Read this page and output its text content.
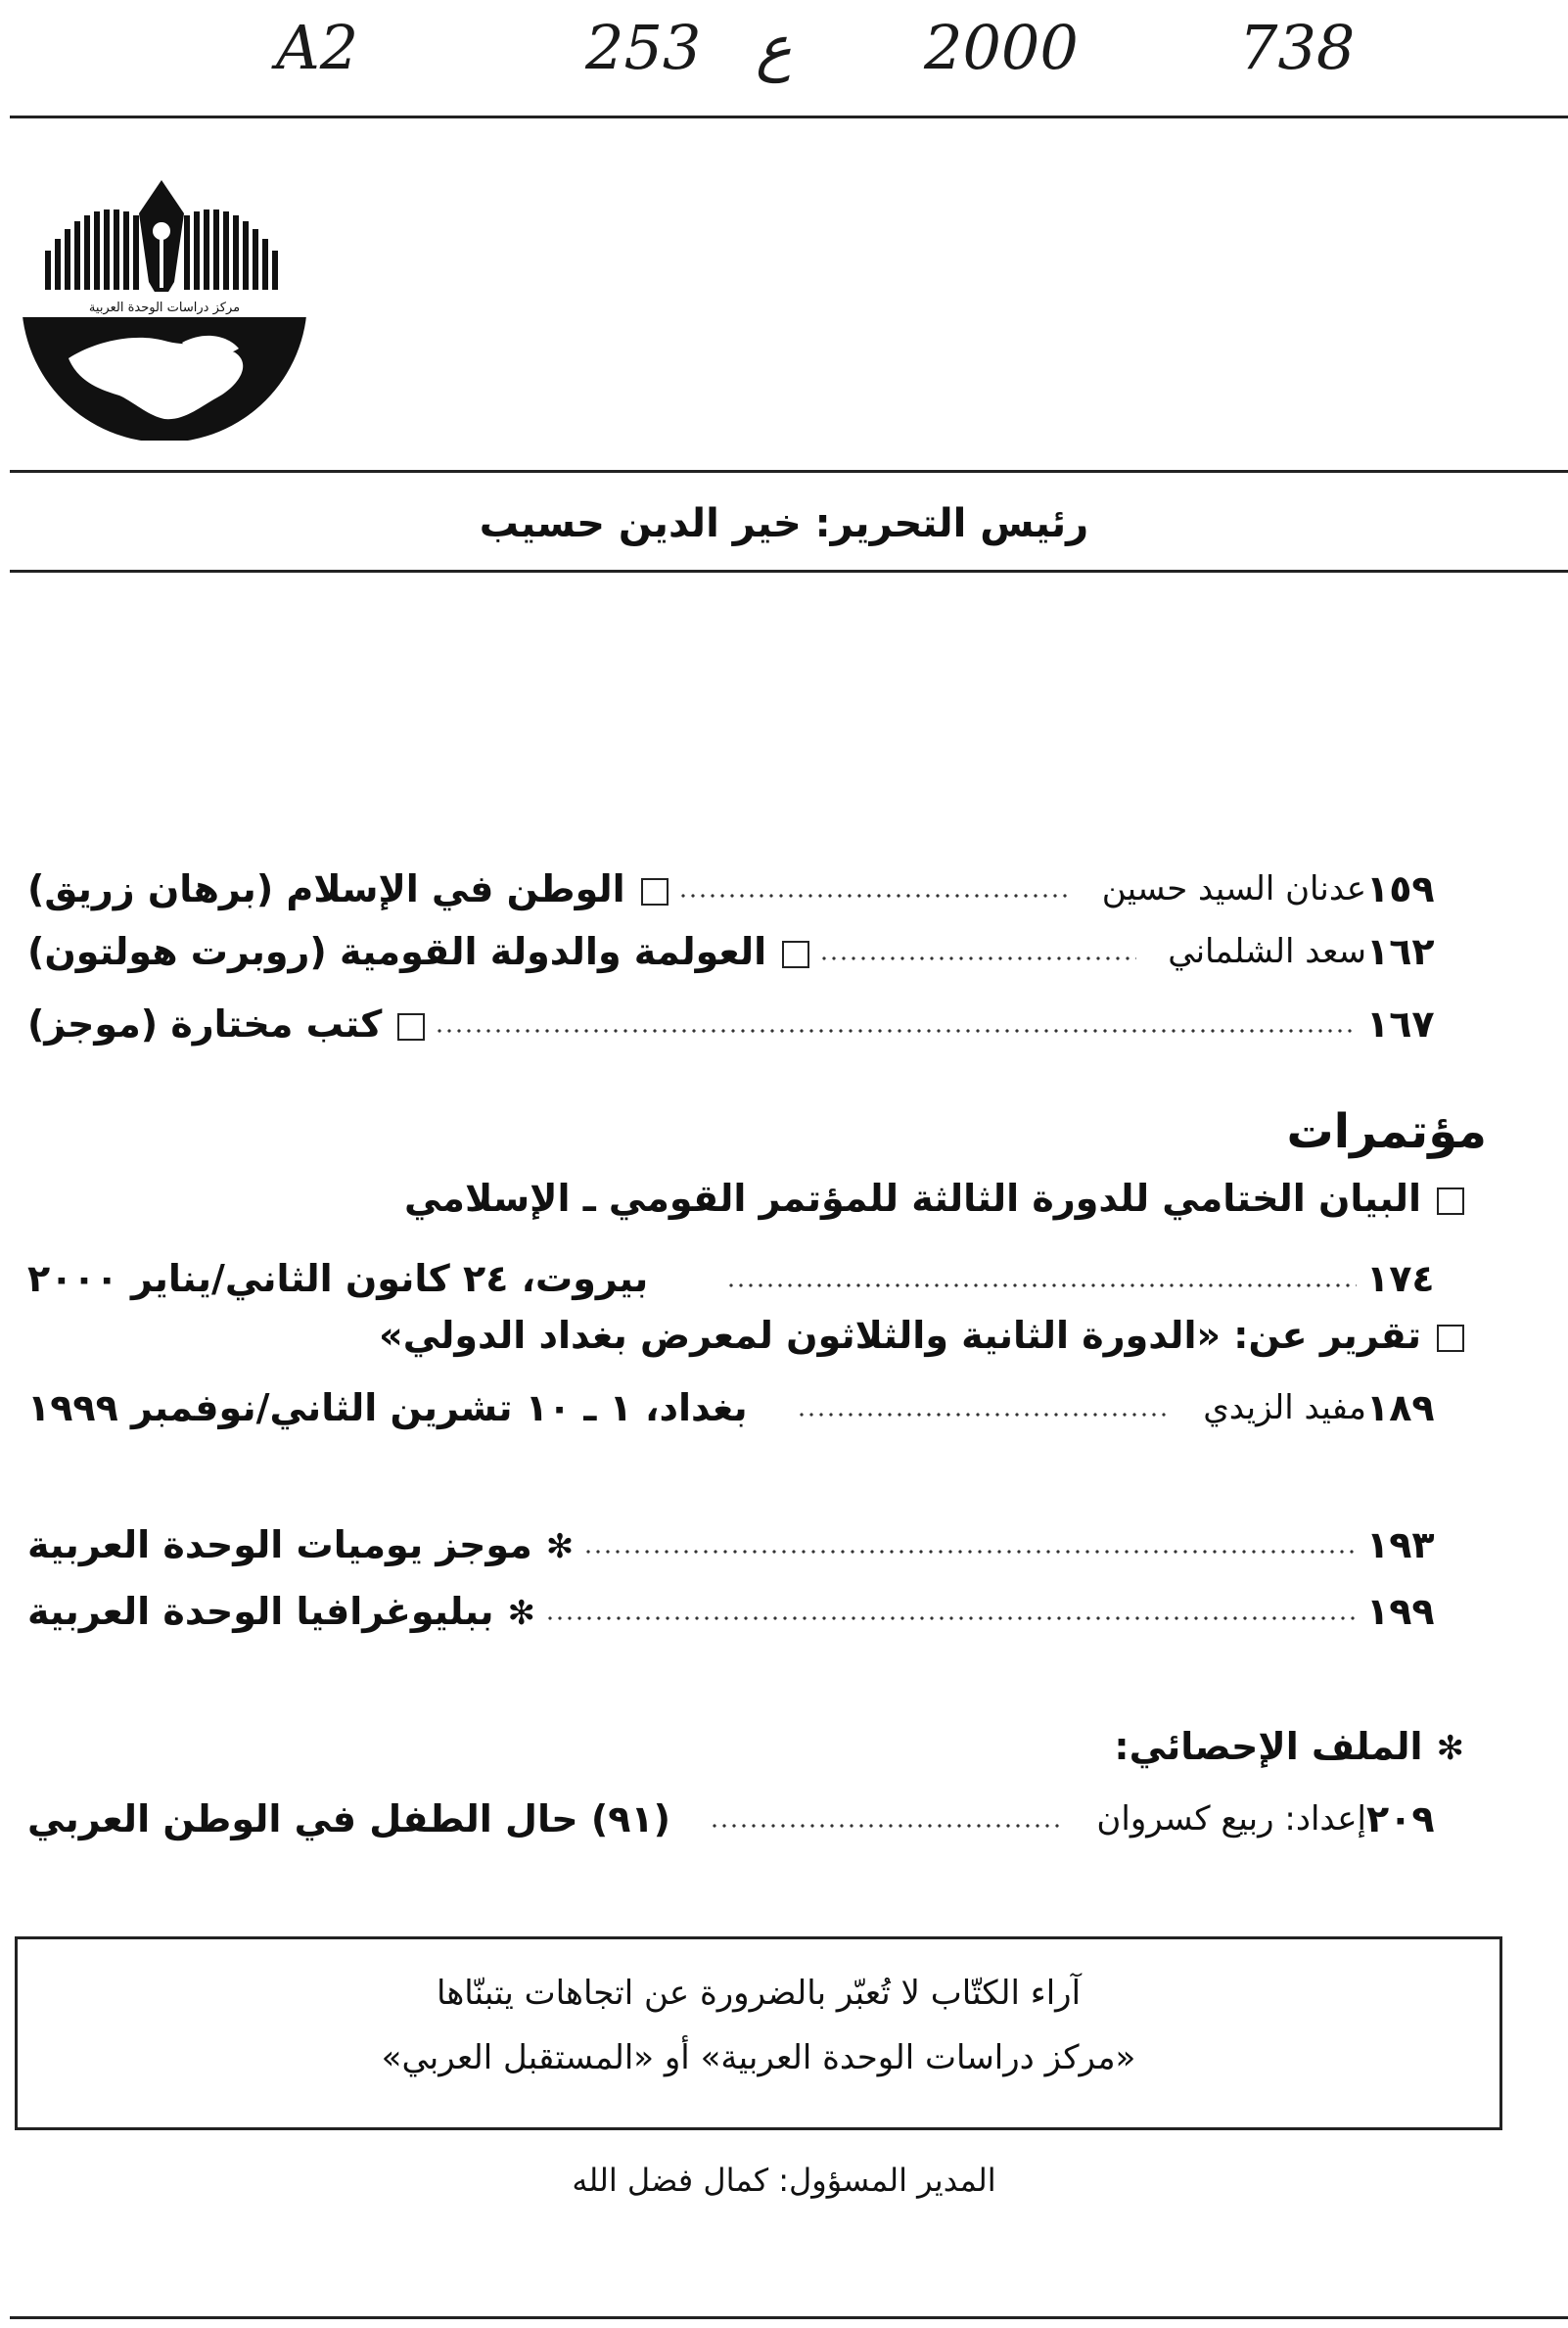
A2	253 ع 2000	738
مركز دراسات الوحدة العربية
رئيس التحرير: خير الدين حسيب
الوطن في الإسلام (برهان زريق)	عدنان السيد حسين ١٥٩
العولمة والدولة القومية (روبرت هولتون)	سعد الشلماني ١٦٢
كتب مختارة (موجز)	١٦٧
مؤتمرات
البيان الختامي للدورة الثالثة للمؤتمر القومي ـ الإسلامي
بيروت، ٢٤ كانون الثاني/يناير ٢٠٠٠	١٧٤
تقرير عن: «الدورة الثانية والثلاثون لمعرض بغداد الدولي»
بغداد، ١ ـ ١٠ تشرين الثاني/نوفمبر ١٩٩٩	مفيد الزيدي ١٨٩
✻موجز يوميات الوحدة العربية	١٩٣
✻ببليوغرافيا الوحدة العربية	١٩٩
✻الملف الإحصائي:
(٩١) حال الطفل في الوطن العربي	إعداد: ربيع كسروان ٢٠٩
آراء الكتّاب لا تُعبّر بالضرورة عن اتجاهات يتبنّاها
«مركز دراسات الوحدة العربية» أو «المستقبل العربي»
المدير المسؤول: كمال فضل الله
